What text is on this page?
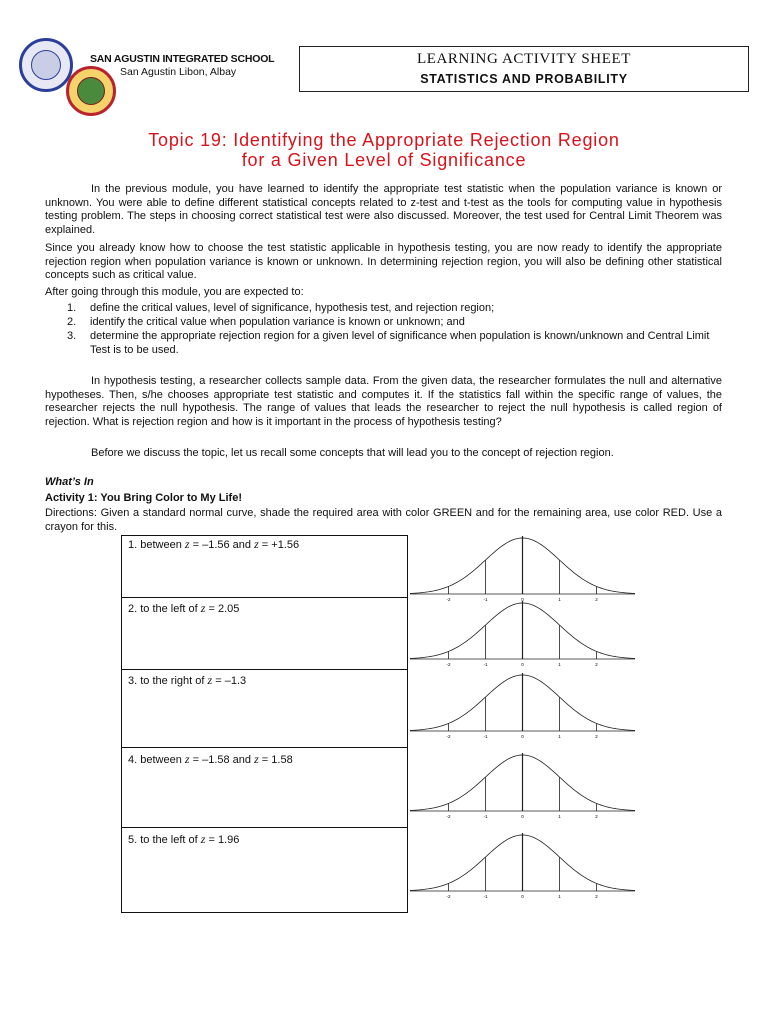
SAN AGUSTIN INTEGRATED SCHOOL
San Agustin Libon, Albay
LEARNING ACTIVITY SHEET
STATISTICS AND PROBABILITY
Topic 19: Identifying the Appropriate Rejection Region
for a Given Level of Significance
In the previous module, you have learned to identify the appropriate test statistic when the population variance is known or unknown. You were able to define different statistical concepts related to z-test and t-test as the tools for computing value in hypothesis testing problem. The steps in choosing correct statistical test were also discussed. Moreover, the test used for Central Limit Theorem was explained.
Since you already know how to choose the test statistic applicable in hypothesis testing, you are now ready to identify the appropriate rejection region when population variance is known or unknown. In determining rejection region, you will also be defining other statistical concepts such as critical value.
After going through this module, you are expected to:
1. define the critical values, level of significance, hypothesis test, and rejection region;
2. identify the critical value when population variance is known or unknown; and
3. determine the appropriate rejection region for a given level of significance when population is known/unknown and Central Limit Test is to be used.
In hypothesis testing, a researcher collects sample data. From the given data, the researcher formulates the null and alternative hypotheses. Then, s/he chooses appropriate test statistic and computes it. If the statistics fall within the specific range of values, the researcher rejects the null hypothesis. The range of values that leads the researcher to reject the null hypothesis is called region of rejection. What is rejection region and how is it important in the process of hypothesis testing?
Before we discuss the topic, let us recall some concepts that will lead you to the concept of rejection region.
What’s In
Activity 1: You Bring Color to My Life!
Directions: Given a standard normal curve, shade the required area with color GREEN and for the remaining area, use color RED. Use a crayon for this.
1. between z = –1.56 and z = +1.56
2. to the left of z = 2.05
3. to the right of z = –1.3
4. between z = –1.58 and z = 1.58
5. to the left of z = 1.96
-2	-1	0	1	2
-2	-1	0	1	2
-2	-1	0	1	2
-2	-1	0	1	2
-2	-1	0	1	2
